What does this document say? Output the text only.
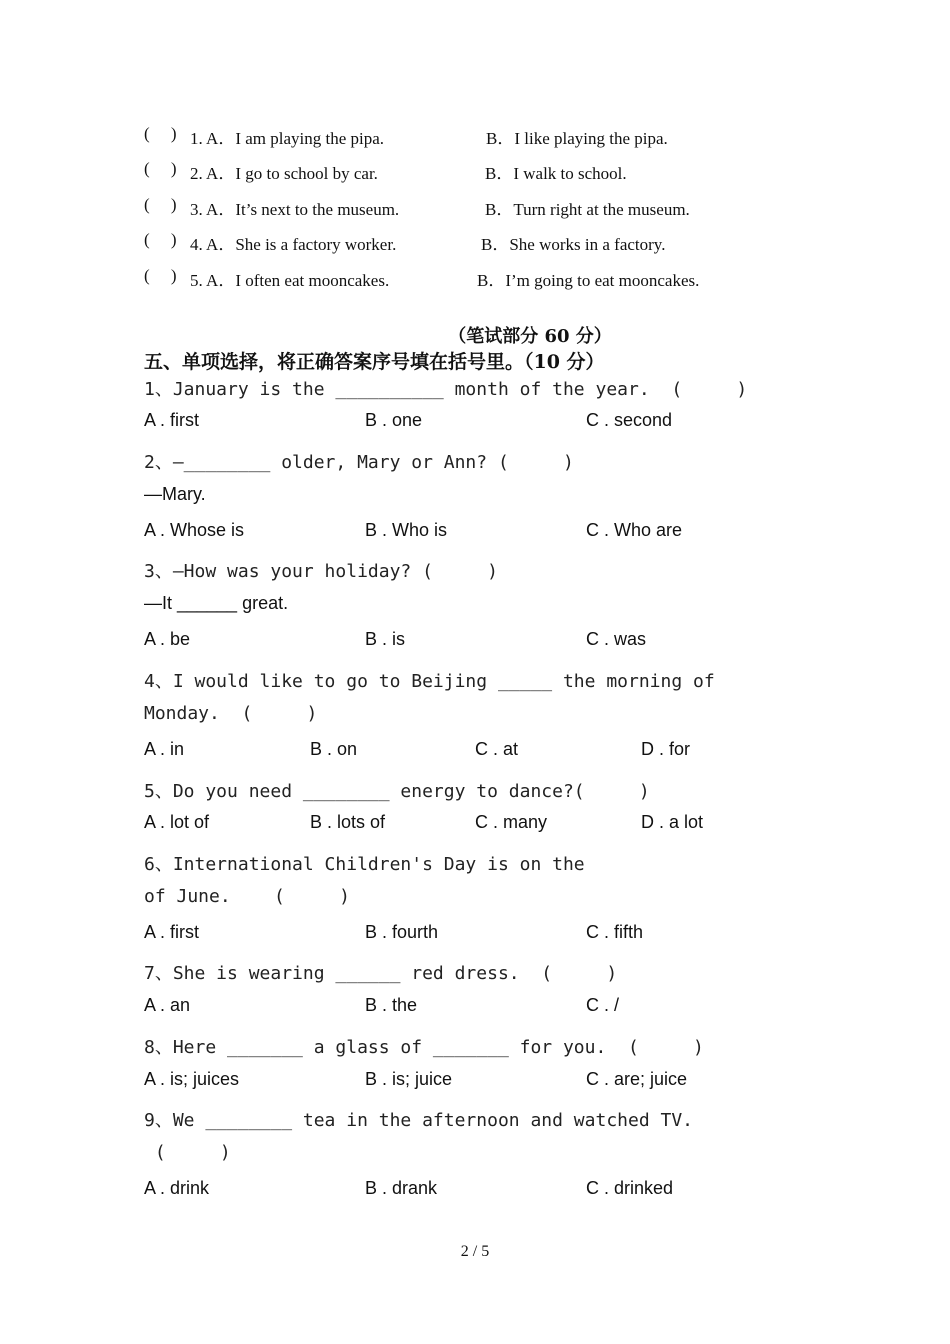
(     )

1. A．I am playing the pipa.

	B．I like playing the pipa.

(     )

2. A．I go to school by car.

	B．I walk to school.

(     )

3. A．It’s next to the museum.

	B．Turn right at the museum.

(     )

4. A．She is a factory worker.

	B．She works in a factory.

(     )

5. A．I often eat mooncakes.

	B．I’m going to eat mooncakes.

（笔试部分 60 分）
五、单项选择，将正确答案序号填在括号里。（10 分）
1、January is the __________ month of the year.  (     )
A . first	B . one	C . second
2、—________ older, Mary or Ann? (     )
—Mary.
A . Whose is	B . Who is	C . Who are
3、—How was your holiday? (     )
—It ______ great.
A . be	B . is	C . was
4、I would like to go to Beijing _____ the morning of
Monday.  (     )
A . in	B . on	C . at	D . for
5、Do you need ________ energy to dance?(     )
A . lot of	B . lots of	C . many	D . a lot
6、International Children's Day is on the
of June.    (     )
A . first	B . fourth	C . fifth
7、She is wearing ______ red dress.  (     )
A . an	B . the	C . /
8、Here _______ a glass of _______ for you.  (     )
A . is; juices	B . is; juice	C . are; juice
9、We ________ tea in the afternoon and watched TV.
(     )
A . drink	B . drank	C . drinked
2 / 5
